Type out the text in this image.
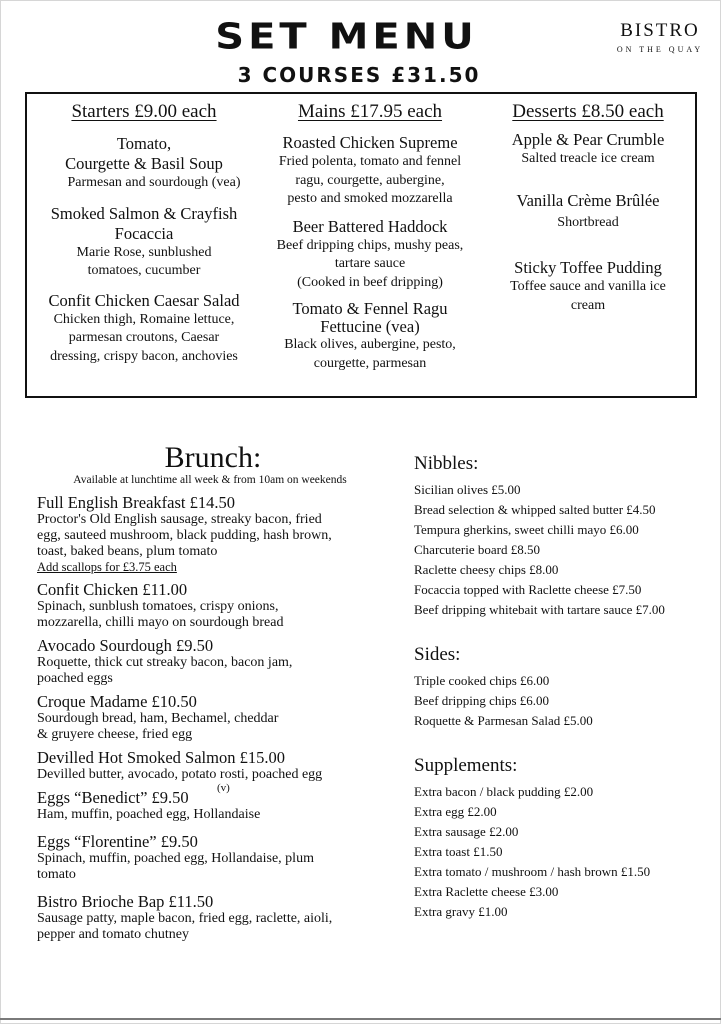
SET MENU
3 COURSES £31.50
BISTRO
ON THE QUAY
Starters £9.00 each
Tomato,
Courgette & Basil Soup
Parmesan and sourdough (vea)
Smoked Salmon & Crayfish
Focaccia
Marie Rose, sunblushed
tomatoes, cucumber
Confit Chicken Caesar Salad
Chicken thigh, Romaine lettuce,
parmesan croutons, Caesar
dressing, crispy bacon, anchovies
Mains £17.95 each
Roasted Chicken Supreme
Fried polenta, tomato and fennel
ragu, courgette, aubergine,
pesto and smoked mozzarella
Beer Battered Haddock
Beef dripping chips, mushy peas,
tartare sauce
(Cooked in beef dripping)
Tomato & Fennel Ragu
Fettucine (vea)
Black olives, aubergine, pesto,
courgette, parmesan
Desserts £8.50 each
Apple & Pear Crumble
Salted treacle ice cream
Vanilla Crème Brûlée
Shortbread
Sticky Toffee Pudding
Toffee sauce and vanilla ice
cream
Brunch:
Available at lunchtime all week & from 10am on weekends
Full English Breakfast £14.50
Proctor's Old English sausage, streaky bacon, fried
egg, sauteed mushroom, black pudding, hash brown,
toast, baked beans, plum tomato
Add scallops for £3.75 each
Confit Chicken £11.00
Spinach, sunblush tomatoes, crispy onions,
mozzarella, chilli mayo on sourdough bread
Avocado Sourdough £9.50
Roquette, thick cut streaky bacon, bacon jam,
poached eggs
Croque Madame £10.50
Sourdough bread, ham, Bechamel, cheddar
& gruyere cheese, fried egg
Devilled Hot Smoked Salmon £15.00
Devilled butter, avocado, potato rosti, poached egg
Eggs “Benedict” £9.50	(v)
Ham, muffin, poached egg, Hollandaise
Eggs “Florentine” £9.50
Spinach, muffin, poached egg, Hollandaise, plum
tomato
Bistro Brioche Bap £11.50
Sausage patty, maple bacon, fried egg, raclette, aioli,
pepper and tomato chutney
Nibbles:
Sicilian olives £5.00
Bread selection & whipped salted butter £4.50
Tempura gherkins, sweet chilli mayo £6.00
Charcuterie board £8.50
Raclette cheesy chips £8.00
Focaccia topped with Raclette cheese £7.50
Beef dripping whitebait with tartare sauce £7.00
Sides:
Triple cooked chips £6.00
Beef dripping chips £6.00
Roquette & Parmesan Salad £5.00
Supplements:
Extra bacon / black pudding £2.00
Extra egg £2.00
Extra sausage £2.00
Extra toast £1.50
Extra tomato / mushroom / hash brown £1.50
Extra Raclette cheese £3.00
Extra gravy £1.00
